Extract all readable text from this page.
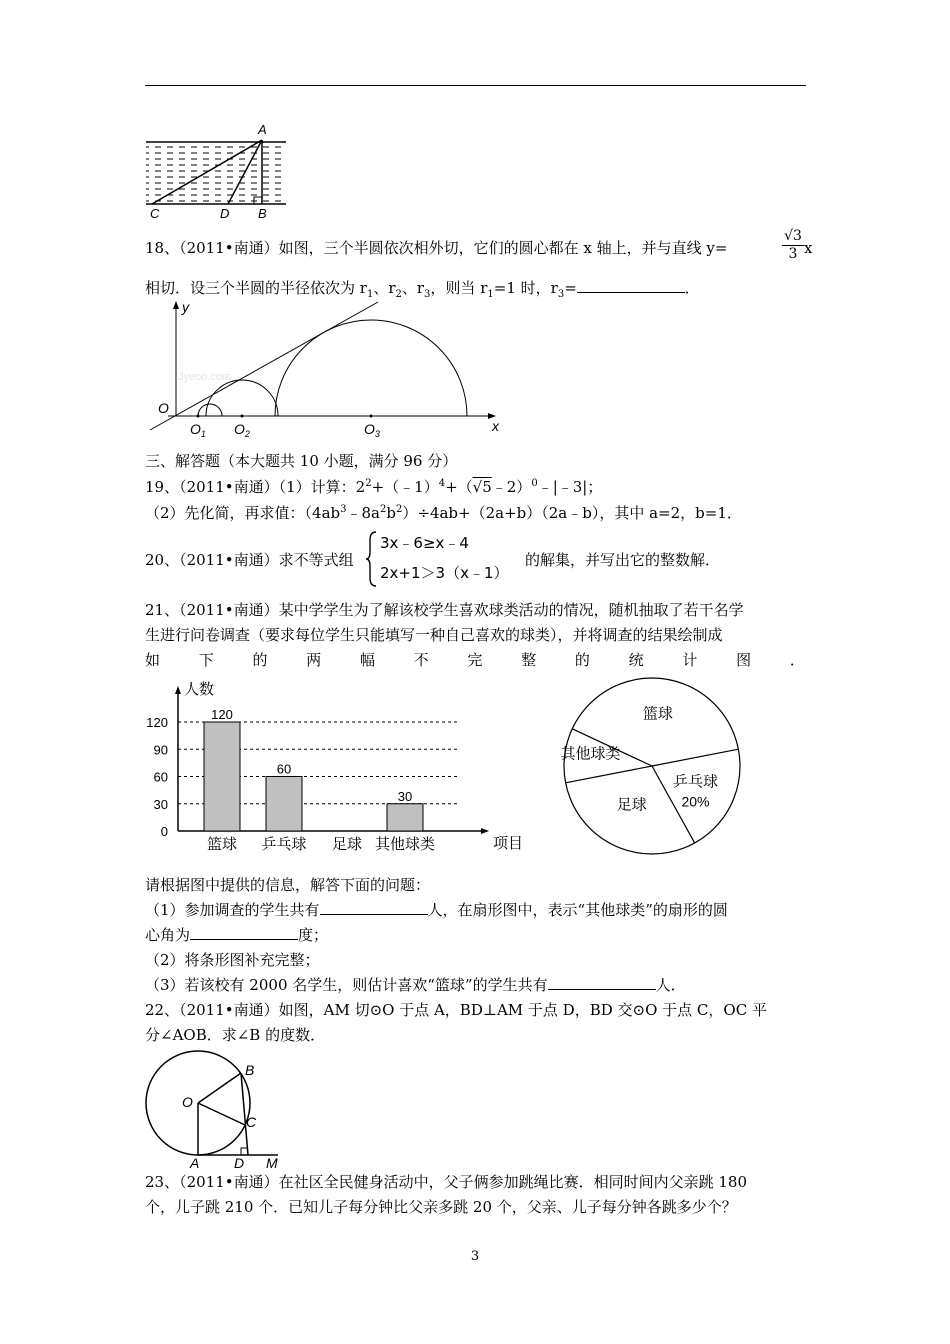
A
C	D B
18、（2011•南通）如图，三个半圆依次相外切，它们的圆心都在 x 轴上，并与直线 y=
√3
3 x
相切．设三个半圆的半径依次为 $r_1$、$r_2$、$r_3$，则当 $r_1=1$ 时，$r_3=$	．
Jyeoo.com
y
x
O
$O_1$ $O_2$	$O_3$
三、解答题（本大题共 10 小题，满分 96 分）
19、（2011•南通）（1）计算：$2^2+(﹣1)^4+(√5﹣2)^0﹣|﹣3|$；
（2）先化简，再求值：$(4ab^3﹣8a^2b^2)\div 4ab+(2a+b)(2a﹣b)$，其中 a=2，b=1．
20、（2011•南通）求不等式组
3x﹣6≥x﹣4
2x+1＞3（x﹣1）
的解集，并写出它的整数解．
21、（2011•南通）某中学学生为了解该校学生喜欢球类活动的情况，随机抽取了若干名学
生进行问卷调查（要求每位学生只能填写一种自己喜欢的球类），并将调查的结果绘制成
如	下	的	两	幅	不	完	整	的	统	计	图	．
人数
项目
0
30
60
90
120
120
篮球
60
乒乓球 足球
30
其他球类
篮球
乒乓球
20%
足球
其他球类
请根据图中提供的信息，解答下面的问题：
（1）参加调查的学生共有	人，在扇形图中，表示“其他球类”的扇形的圆
心角为	度；
（2）将条形图补充完整；
（3）若该校有 2000 名学生，则估计喜欢“篮球”的学生共有	人．
22、（2011•南通）如图，AM 切⊙O 于点 A，BD⊥AM 于点 D，BD 交⊙O 于点 C，OC 平
分∠AOB．求∠B 的度数．
O
B
C
A D M
23、（2011•南通）在社区全民健身活动中，父子俩参加跳绳比赛．相同时间内父亲跳 180
个，儿子跳 210 个．已知儿子每分钟比父亲多跳 20 个，父亲、儿子每分钟各跳多少个？
3
